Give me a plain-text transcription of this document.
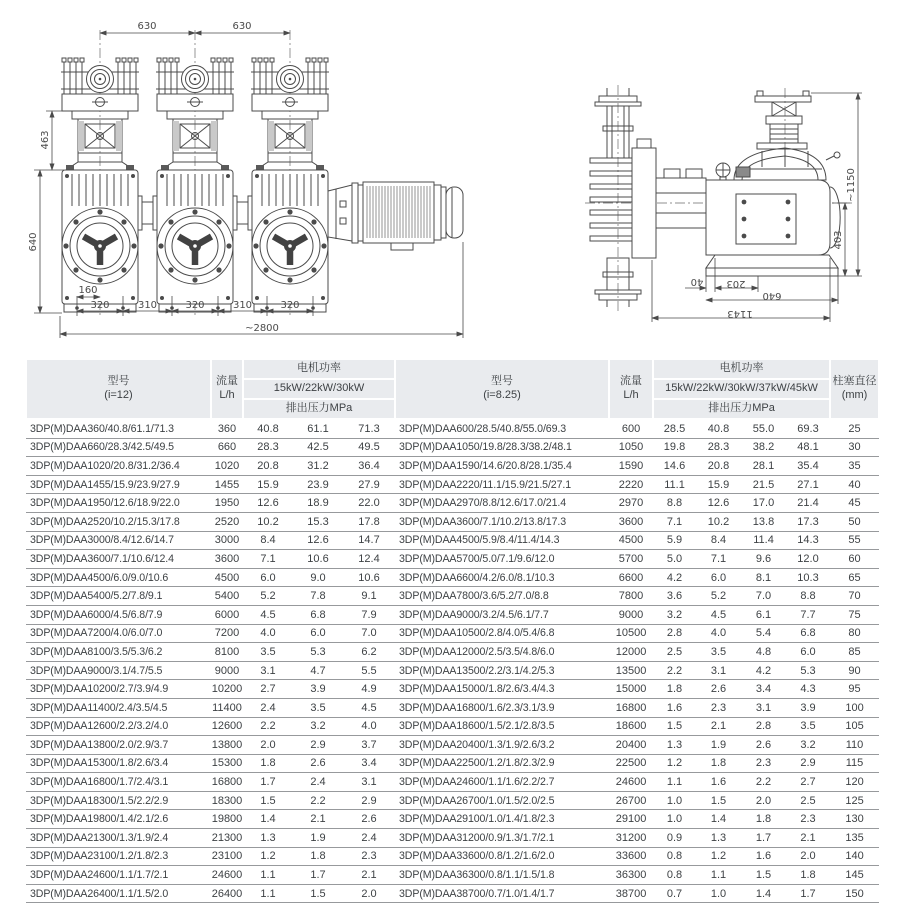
630	630
463
640
160
320	310	320	310	320
~2800
~1150
403
40 203
640
1143
型号
(i=12)	流量
L/h	电机功率			型号
(i=8.25)	流量
L/h	电机功率				柱塞直径
(mm)

		15kW/22kW/30kW					15kW/22kW/30kW/37kW/45kW				
		排出压力MPa					排出压力MPa				
3DP(M)DAA360/40.8/61.1/71.3	360	40.8	61.1	71.3	3DP(M)DAA600/28.5/40.8/55.0/69.3	600	28.5	40.8	55.0	69.3	25
3DP(M)DAA660/28.3/42.5/49.5	660	28.3	42.5	49.5	3DP(M)DAA1050/19.8/28.3/38.2/48.1	1050	19.8	28.3	38.2	48.1	30
3DP(M)DAA1020/20.8/31.2/36.4	1020	20.8	31.2	36.4	3DP(M)DAA1590/14.6/20.8/28.1/35.4	1590	14.6	20.8	28.1	35.4	35
3DP(M)DAA1455/15.9/23.9/27.9	1455	15.9	23.9	27.9	3DP(M)DAA2220/11.1/15.9/21.5/27.1	2220	11.1	15.9	21.5	27.1	40
3DP(M)DAA1950/12.6/18.9/22.0	1950	12.6	18.9	22.0	3DP(M)DAA2970/8.8/12.6/17.0/21.4	2970	8.8	12.6	17.0	21.4	45
3DP(M)DAA2520/10.2/15.3/17.8	2520	10.2	15.3	17.8	3DP(M)DAA3600/7.1/10.2/13.8/17.3	3600	7.1	10.2	13.8	17.3	50
3DP(M)DAA3000/8.4/12.6/14.7	3000	8.4	12.6	14.7	3DP(M)DAA4500/5.9/8.4/11.4/14.3	4500	5.9	8.4	11.4	14.3	55
3DP(M)DAA3600/7.1/10.6/12.4	3600	7.1	10.6	12.4	3DP(M)DAA5700/5.0/7.1/9.6/12.0	5700	5.0	7.1	9.6	12.0	60
3DP(M)DAA4500/6.0/9.0/10.6	4500	6.0	9.0	10.6	3DP(M)DAA6600/4.2/6.0/8.1/10.3	6600	4.2	6.0	8.1	10.3	65
3DP(M)DAA5400/5.2/7.8/9.1	5400	5.2	7.8	9.1	3DP(M)DAA7800/3.6/5.2/7.0/8.8	7800	3.6	5.2	7.0	8.8	70
3DP(M)DAA6000/4.5/6.8/7.9	6000	4.5	6.8	7.9	3DP(M)DAA9000/3.2/4.5/6.1/7.7	9000	3.2	4.5	6.1	7.7	75
3DP(M)DAA7200/4.0/6.0/7.0	7200	4.0	6.0	7.0	3DP(M)DAA10500/2.8/4.0/5.4/6.8	10500	2.8	4.0	5.4	6.8	80
3DP(M)DAA8100/3.5/5.3/6.2	8100	3.5	5.3	6.2	3DP(M)DAA12000/2.5/3.5/4.8/6.0	12000	2.5	3.5	4.8	6.0	85
3DP(M)DAA9000/3.1/4.7/5.5	9000	3.1	4.7	5.5	3DP(M)DAA13500/2.2/3.1/4.2/5.3	13500	2.2	3.1	4.2	5.3	90
3DP(M)DAA10200/2.7/3.9/4.9	10200	2.7	3.9	4.9	3DP(M)DAA15000/1.8/2.6/3.4/4.3	15000	1.8	2.6	3.4	4.3	95
3DP(M)DAA11400/2.4/3.5/4.5	11400	2.4	3.5	4.5	3DP(M)DAA16800/1.6/2.3/3.1/3.9	16800	1.6	2.3	3.1	3.9	100
3DP(M)DAA12600/2.2/3.2/4.0	12600	2.2	3.2	4.0	3DP(M)DAA18600/1.5/2.1/2.8/3.5	18600	1.5	2.1	2.8	3.5	105
3DP(M)DAA13800/2.0/2.9/3.7	13800	2.0	2.9	3.7	3DP(M)DAA20400/1.3/1.9/2.6/3.2	20400	1.3	1.9	2.6	3.2	110
3DP(M)DAA15300/1.8/2.6/3.4	15300	1.8	2.6	3.4	3DP(M)DAA22500/1.2/1.8/2.3/2.9	22500	1.2	1.8	2.3	2.9	115
3DP(M)DAA16800/1.7/2.4/3.1	16800	1.7	2.4	3.1	3DP(M)DAA24600/1.1/1.6/2.2/2.7	24600	1.1	1.6	2.2	2.7	120
3DP(M)DAA18300/1.5/2.2/2.9	18300	1.5	2.2	2.9	3DP(M)DAA26700/1.0/1.5/2.0/2.5	26700	1.0	1.5	2.0	2.5	125
3DP(M)DAA19800/1.4/2.1/2.6	19800	1.4	2.1	2.6	3DP(M)DAA29100/1.0/1.4/1.8/2.3	29100	1.0	1.4	1.8	2.3	130
3DP(M)DAA21300/1.3/1.9/2.4	21300	1.3	1.9	2.4	3DP(M)DAA31200/0.9/1.3/1.7/2.1	31200	0.9	1.3	1.7	2.1	135
3DP(M)DAA23100/1.2/1.8/2.3	23100	1.2	1.8	2.3	3DP(M)DAA33600/0.8/1.2/1.6/2.0	33600	0.8	1.2	1.6	2.0	140
3DP(M)DAA24600/1.1/1.7/2.1	24600	1.1	1.7	2.1	3DP(M)DAA36300/0.8/1.1/1.5/1.8	36300	0.8	1.1	1.5	1.8	145
3DP(M)DAA26400/1.1/1.5/2.0	26400	1.1	1.5	2.0	3DP(M)DAA38700/0.7/1.0/1.4/1.7	38700	0.7	1.0	1.4	1.7	150
